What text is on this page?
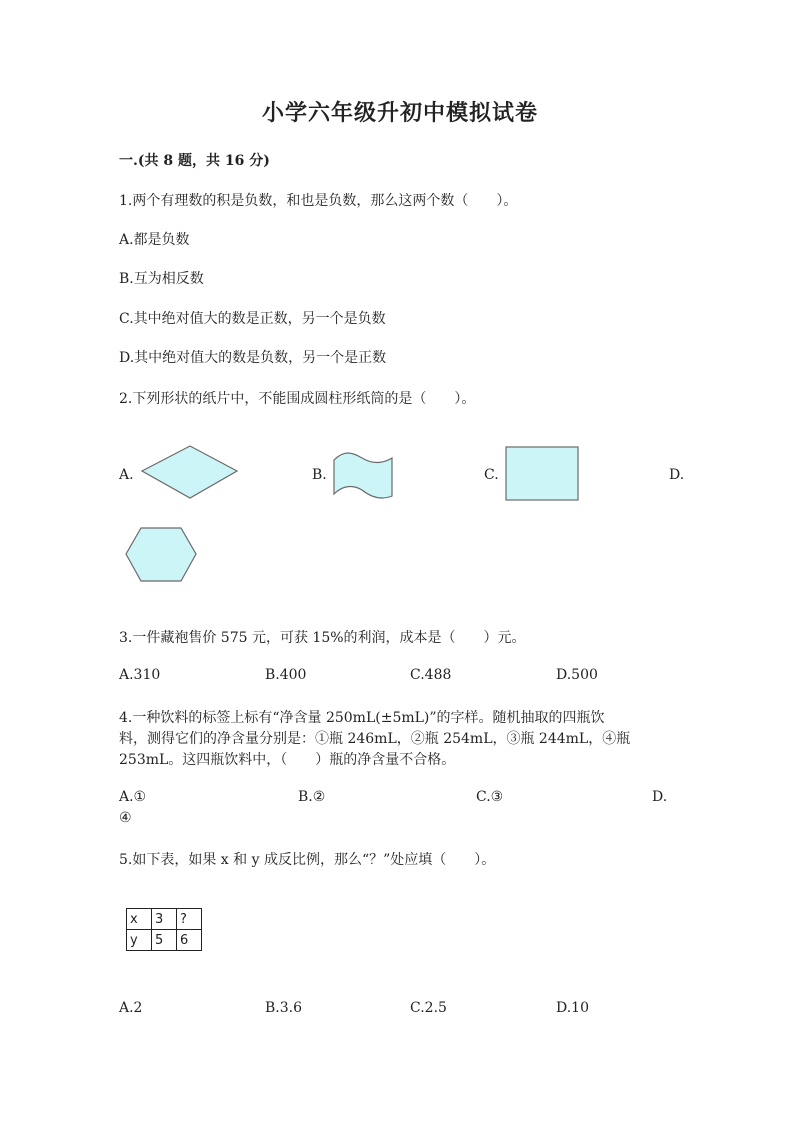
小学六年级升初中模拟试卷
一.(共 8 题，共 16 分)
1.两个有理数的积是负数，和也是负数，那么这两个数（　　）。
A.都是负数
B.互为相反数
C.其中绝对值大的数是正数，另一个是负数
D.其中绝对值大的数是负数，另一个是正数
2.下列形状的纸片中，不能围成圆柱形纸筒的是（　　）。
A.	B.	C.	D.
3.一件藏袍售价 575 元，可获 15%的利润，成本是（　　）元。
A.310	B.400	C.488	D.500
4.一种饮料的标签上标有“净含量 250mL(±5mL)”的字样。随机抽取的四瓶饮
料，测得它们的净含量分别是：①瓶 246mL，②瓶 254mL，③瓶 244mL，④瓶
253mL。这四瓶饮料中，（　　）瓶的净含量不合格。
A.①	B.②	C.③	D.
④
5.如下表，如果 x 和 y 成反比例，那么“？”处应填（　　）。
x	3	?
y	5	6
A.2	B.3.6	C.2.5	D.10
